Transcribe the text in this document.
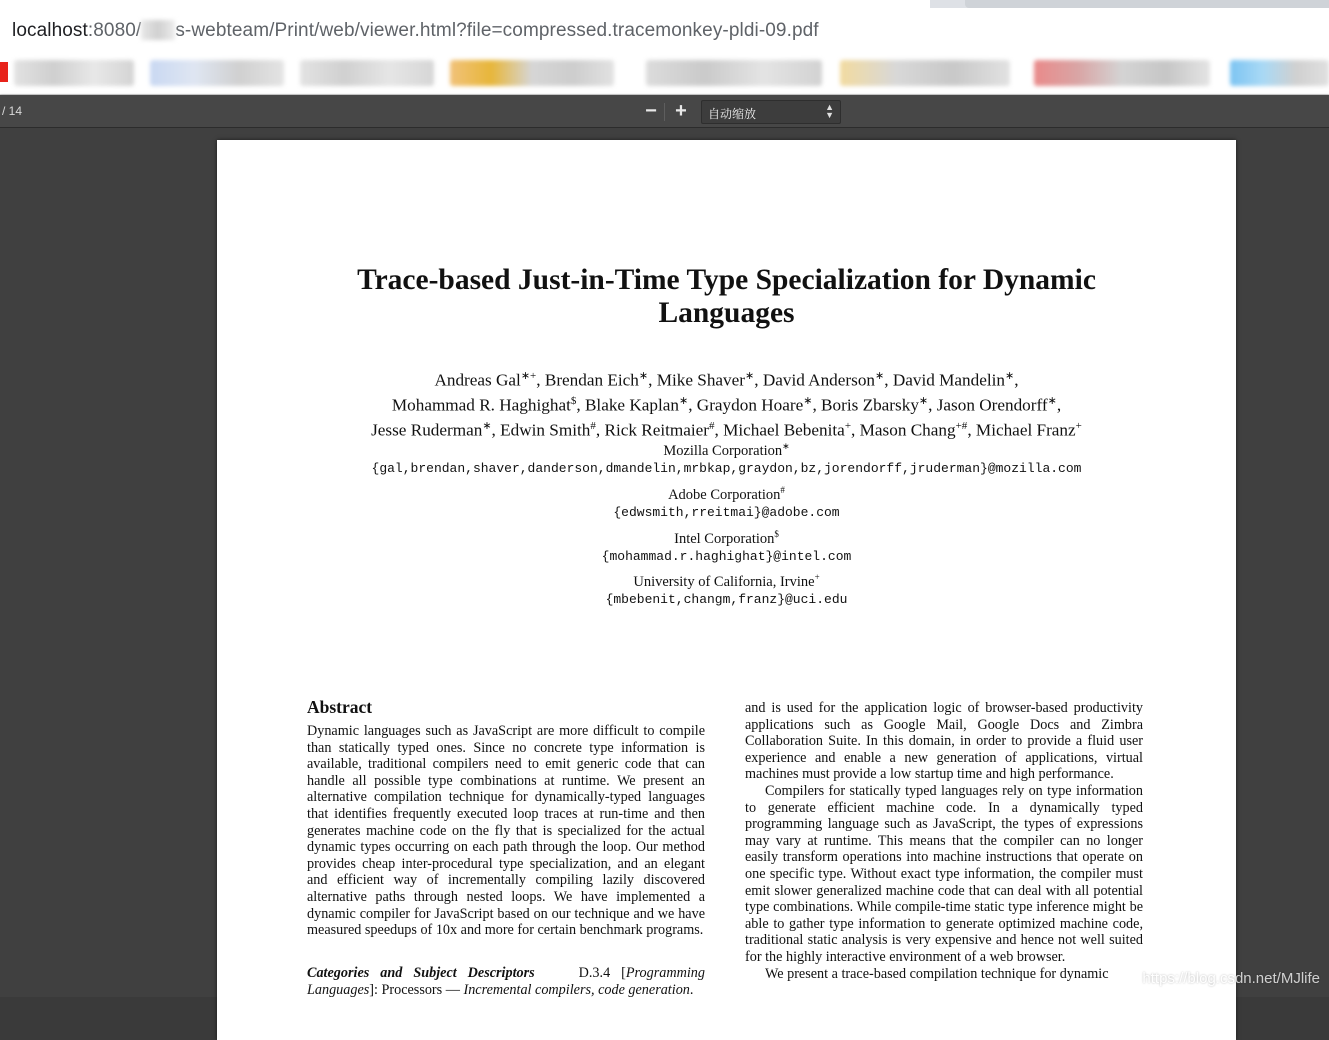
localhost:8080/ s-webteam/Print/web/viewer.html?file=compressed.tracemonkey-pldi-09.pdf
/ 14	− +	自动缩放	▲
▼
Trace-based Just-in-Time Type Specialization for Dynamic
Languages
Andreas Gal∗+, Brendan Eich∗, Mike Shaver∗, David Anderson∗, David Mandelin∗,
Mohammad R. Haghighat$, Blake Kaplan∗, Graydon Hoare∗, Boris Zbarsky∗, Jason Orendorff∗,
Jesse Ruderman∗, Edwin Smith#, Rick Reitmaier#, Michael Bebenita+, Mason Chang+#, Michael Franz+
Mozilla Corporation∗
{gal,brendan,shaver,danderson,dmandelin,mrbkap,graydon,bz,jorendorff,jruderman}@mozilla.com
Adobe Corporation#
{edwsmith,rreitmai}@adobe.com
Intel Corporation$
{mohammad.r.haghighat}@intel.com
University of California, Irvine+
{mbebenit,changm,franz}@uci.edu
Abstract

Dynamic languages such as JavaScript are more difficult to compile than statically typed ones. Since no concrete type information is available, traditional compilers need to emit generic code that can handle all possible type combinations at runtime. We present an alternative compilation technique for dynamically-typed languages that identifies frequently executed loop traces at run-time and then generates machine code on the fly that is specialized for the actual dynamic types occurring on each path through the loop. Our method provides cheap inter-procedural type specialization, and an elegant and efficient way of incrementally compiling lazily discovered alternative paths through nested loops. We have implemented a dynamic compiler for JavaScript based on our technique and we have measured speedups of 10x and more for certain benchmark programs.

Categories and Subject Descriptors	D.3.4 [Programming Languages]: Processors — Incremental compilers, code generation.

and is used for the application logic of browser-based productivity applications such as Google Mail, Google Docs and Zimbra Collaboration Suite. In this domain, in order to provide a fluid user experience and enable a new generation of applications, virtual machines must provide a low startup time and high performance.

Compilers for statically typed languages rely on type information to generate efficient machine code. In a dynamically typed programming language such as JavaScript, the types of expressions may vary at runtime. This means that the compiler can no longer easily transform operations into machine instructions that operate on one specific type. Without exact type information, the compiler must emit slower generalized machine code that can deal with all potential type combinations. While compile-time static type inference might be able to gather type information to generate optimized machine code, traditional static analysis is very expensive and hence not well suited for the highly interactive environment of a web browser.

We present a trace-based compilation technique for dynamic	https://blog.csdn.net/MJlife
